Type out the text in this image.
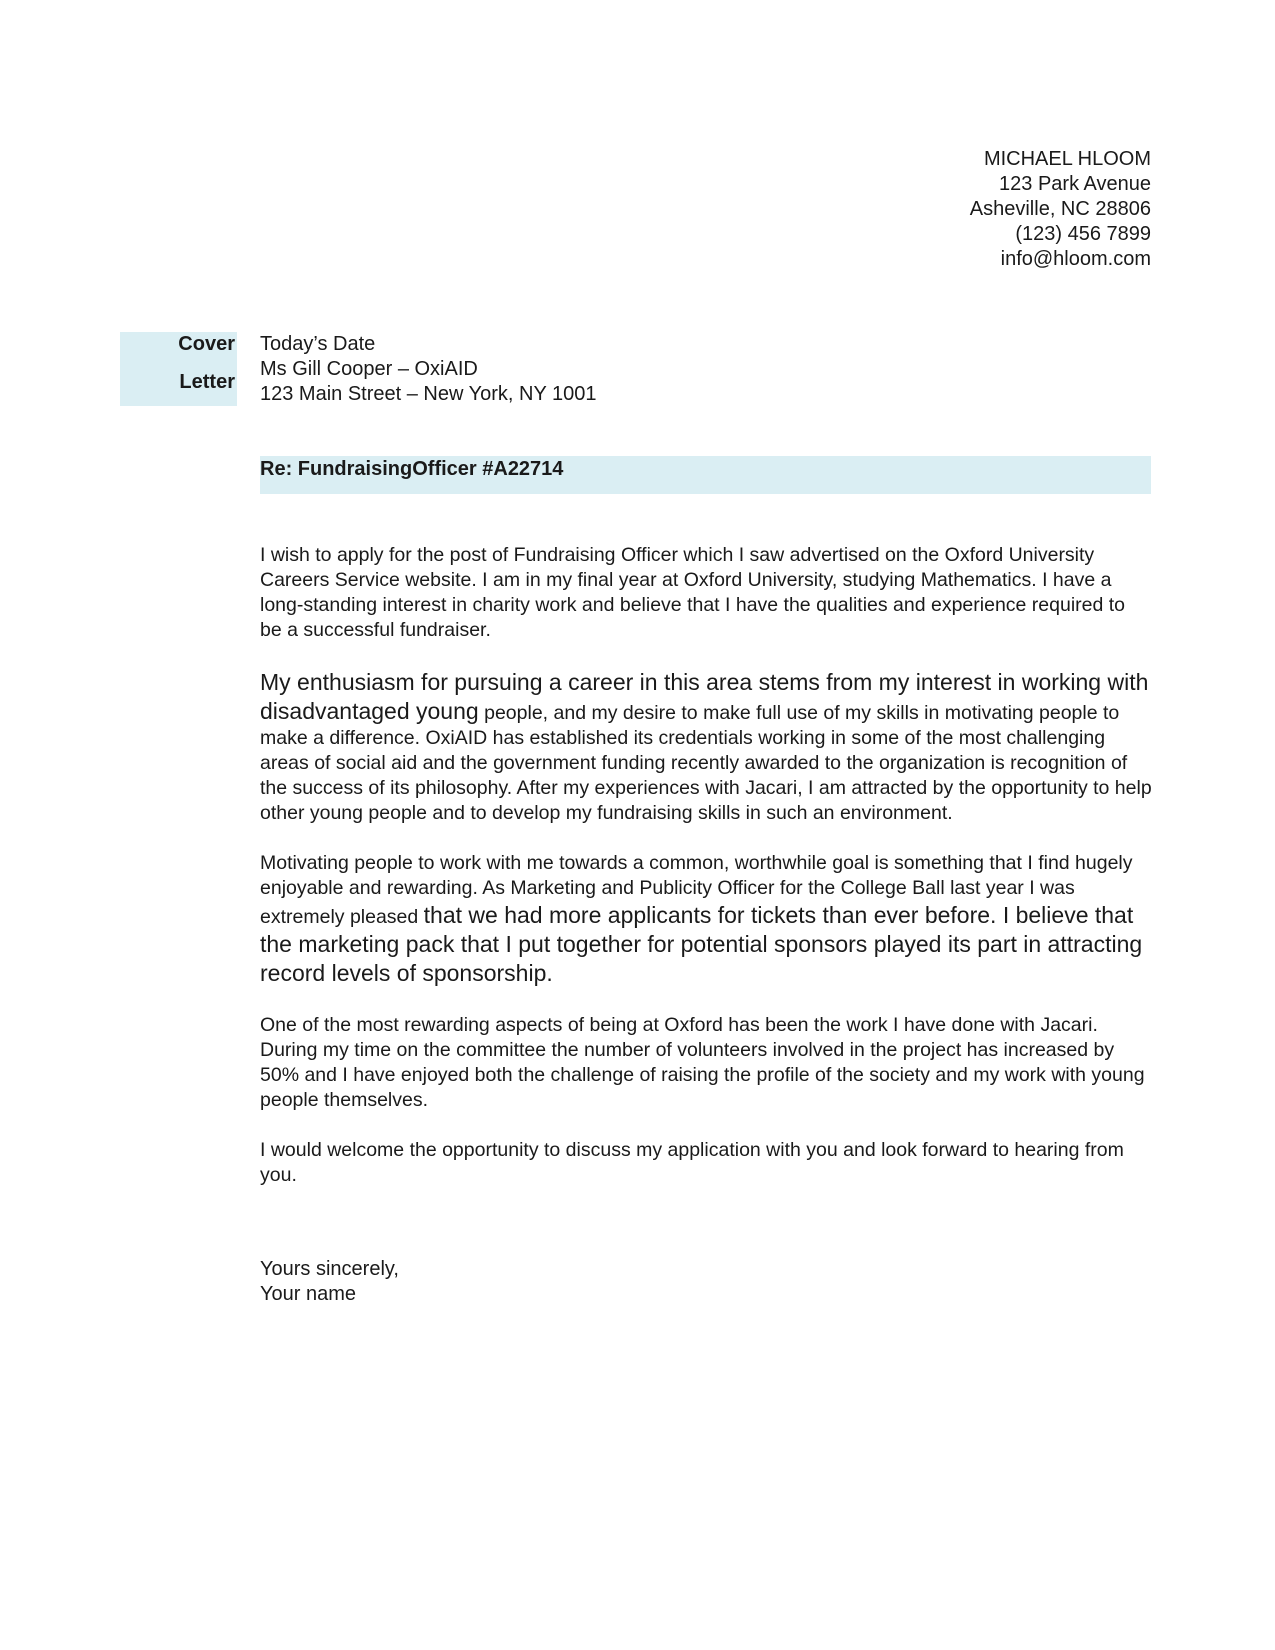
MICHAEL HLOOM
123 Park Avenue
Asheville, NC 28806
(123) 456 7899
info@hloom.com
Cover
Letter
Today’s Date
Ms Gill Cooper – OxiAID
123 Main Street – New York, NY 1001
Re: FundraisingOfficer #A22714

I wish to apply for the post of Fundraising Officer which I saw advertised on the Oxford University Careers Service website. I am in my final year at Oxford University, studying Mathematics. I have a long-standing interest in charity work and believe that I have the qualities and experience required to be a successful fundraiser.

My enthusiasm for pursuing a career in this area stems from my interest in working with disadvantaged young people, and my desire to make full use of my skills in motivating people to make a difference. OxiAID has established its credentials working in some of the most challenging areas of social aid and the government funding recently awarded to the organization is recognition of the success of its philosophy. After my experiences with Jacari, I am attracted by the opportunity to help other young people and to develop my fundraising skills in such an environment.

Motivating people to work with me towards a common, worthwhile goal is something that I find hugely enjoyable and rewarding. As Marketing and Publicity Officer for the College Ball last year I was extremely pleased that we had more applicants for tickets than ever before. I believe that the marketing pack that I put together for potential sponsors played its part in attracting record levels of sponsorship.

One of the most rewarding aspects of being at Oxford has been the work I have done with Jacari. During my time on the committee the number of volunteers involved in the project has increased by 50% and I have enjoyed both the challenge of raising the profile of the society and my work with young people themselves.

I would welcome the opportunity to discuss my application with you and look forward to hearing from you.

Yours sincerely,
Your name
